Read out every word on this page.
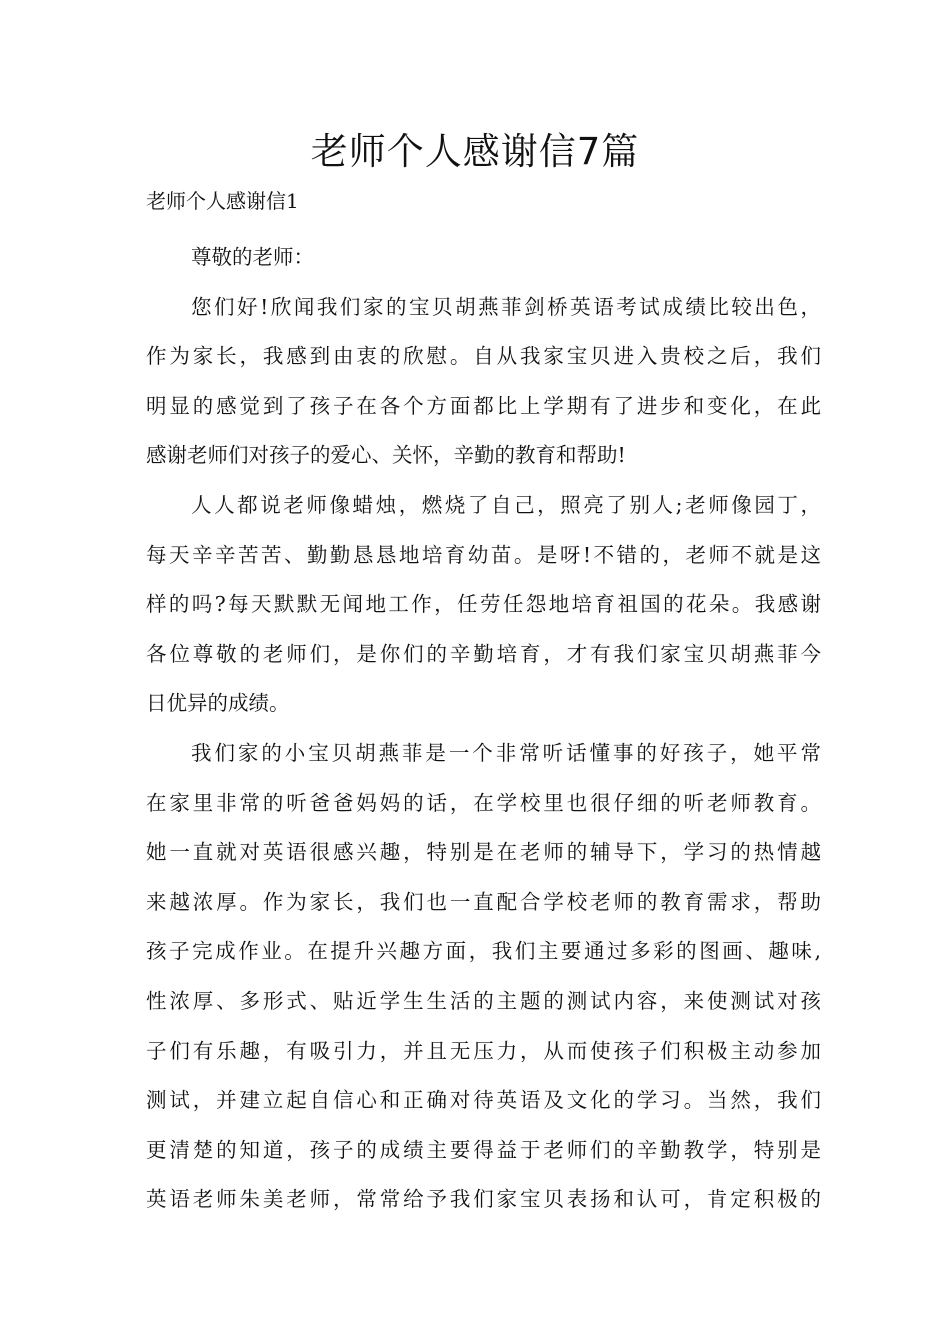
老师个人感谢信7篇
老师个人感谢信1

尊敬的老师：

您们好!欣闻我们家的宝贝胡燕菲剑桥英语考试成绩比较出色，
作为家长，我感到由衷的欣慰。自从我家宝贝进入贵校之后，我们
明显的感觉到了孩子在各个方面都比上学期有了进步和变化，在此
感谢老师们对孩子的爱心、关怀，辛勤的教育和帮助!

人人都说老师像蜡烛，燃烧了自己，照亮了别人;老师像园丁，
每天辛辛苦苦、勤勤恳恳地培育幼苗。是呀!不错的，老师不就是这
样的吗?每天默默无闻地工作，任劳任怨地培育祖国的花朵。我感谢
各位尊敬的老师们，是你们的辛勤培育，才有我们家宝贝胡燕菲今
日优异的成绩。

我们家的小宝贝胡燕菲是一个非常听话懂事的好孩子，她平常
在家里非常的听爸爸妈妈的话，在学校里也很仔细的听老师教育。
她一直就对英语很感兴趣，特别是在老师的辅导下，学习的热情越
来越浓厚。作为家长，我们也一直配合学校老师的教育需求，帮助
孩子完成作业。在提升兴趣方面，我们主要通过多彩的图画、趣味,
性浓厚、多形式、贴近学生生活的主题的测试内容，来使测试对孩
子们有乐趣，有吸引力，并且无压力，从而使孩子们积极主动参加
测试，并建立起自信心和正确对待英语及文化的学习。当然，我们
更清楚的知道，孩子的成绩主要得益于老师们的辛勤教学，特别是
英语老师朱美老师，常常给予我们家宝贝表扬和认可，肯定积极的
